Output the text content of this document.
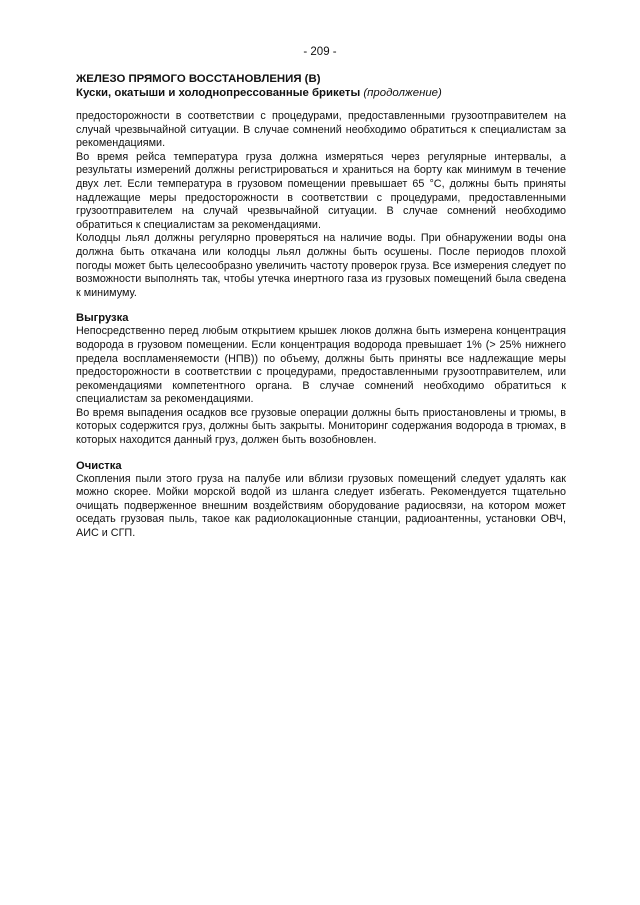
- 209 -
ЖЕЛЕЗО ПРЯМОГО ВОССТАНОВЛЕНИЯ (B)
Куски, окатыши и холоднопрессованные брикеты (продолжение)

предосторожности в соответствии с процедурами, предоставленными грузоотправителем на случай чрезвычайной ситуации. В случае сомнений необходимо обратиться к специалистам за рекомендациями.

Во время рейса температура груза должна измеряться через регулярные интервалы, а результаты измерений должны регистрироваться и храниться на борту как минимум в течение двух лет. Если температура в грузовом помещении превышает 65 °C, должны быть приняты надлежащие меры предосторожности в соответствии с процедурами, предоставленными грузоотправителем на случай чрезвычайной ситуации. В случае сомнений необходимо обратиться к специалистам за рекомендациями.

Колодцы льял должны регулярно проверяться на наличие воды. При обнаружении воды она должна быть откачана или колодцы льял должны быть осушены. После периодов плохой погоды может быть целесообразно увеличить частоту проверок груза. Все измерения следует по возможности выполнять так, чтобы утечка инертного газа из грузовых помещений была сведена к минимуму.

Выгрузка

Непосредственно перед любым открытием крышек люков должна быть измерена концентрация водорода в грузовом помещении. Если концентрация водорода превышает 1% (> 25% нижнего предела воспламеняемости (НПВ)) по объему, должны быть приняты все надлежащие меры предосторожности в соответствии с процедурами, предоставленными грузоотправителем, или рекомендациями компетентного органа. В случае сомнений необходимо обратиться к специалистам за рекомендациями.

Во время выпадения осадков все грузовые операции должны быть приостановлены и трюмы, в которых содержится груз, должны быть закрыты. Мониторинг содержания водорода в трюмах, в которых находится данный груз, должен быть возобновлен.

Очистка

Скопления пыли этого груза на палубе или вблизи грузовых помещений следует удалять как можно скорее. Мойки морской водой из шланга следует избегать. Рекомендуется тщательно очищать подверженное внешним воздействиям оборудование радиосвязи, на котором может оседать грузовая пыль, такое как радиолокационные станции, радиоантенны, установки ОВЧ, АИС и СГП.
